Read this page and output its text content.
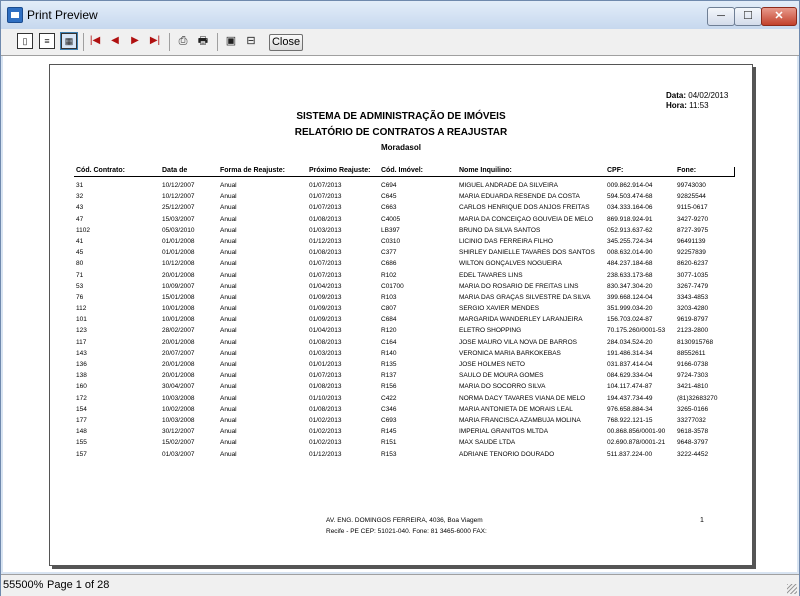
Print Preview	─	☐	✕
▯	≡	▦	|◀	◀	▶	▶|	⎙ 🖶 ▣ ⊟	Close
Data: 04/02/2013
Hora: 11:53
SISTEMA DE ADMINISTRAÇÃO DE IMÓVEIS
RELATÓRIO DE CONTRATOS A REAJUSTAR
Moradasol
Cód. Contrato:	Data de	Forma de Reajuste:	Próximo Reajuste: Cód. Imóvel:	Nome Inquilino:	CPF:	Fone:
31	10/12/2007	Anual	01/07/2013	C694	MIGUEL ANDRADE DA SILVEIRA	009.862.914-04	99743030
32	10/12/2007	Anual	01/07/2013	C645	MARIA EDUARDA RESENDE DA COSTA	594.503.474-68	92825544
43	25/12/2007	Anual	01/07/2013	C663	CARLOS HENRIQUE DOS ANJOS FREITAS	034.333.164-06	9115-0617
47	15/03/2007	Anual	01/08/2013	C4005	MARIA DA CONCEIÇAO GOUVEIA DE MELO 869.918.924-91	3427-9270
1102	05/03/2010	Anual	01/03/2013	LB397	BRUNO DA SILVA SANTOS	052.913.637-62	8727-3975
41	01/01/2008	Anual	01/12/2013	C0310	LICINIO DAS FERREIRA FILHO	345.255.724-34	96491139
45	01/01/2008	Anual	01/08/2013	C377	SHIRLEY DANIELLE TAVARES DOS SANTOS 008.632.014-90	92257839
80	10/12/2008	Anual	01/07/2013	C686	WILTON GONÇALVES NOGUEIRA	484.237.184-68	8620-6237
71	20/01/2008	Anual	01/07/2013	R102	EDEL TAVARES LINS	238.633.173-68	3077-1035
53	10/09/2007	Anual	01/04/2013	C01700	MARIA DO ROSARIO DE FREITAS LINS	830.347.304-20	3267-7479
76	15/01/2008	Anual	01/09/2013	R103	MARIA DAS GRAÇAS SILVESTRE DA SILVA	399.668.124-04	3343-4853
112	10/01/2008	Anual	01/09/2013	C807	SERGIO XAVIER MENDES	351.999.034-20	3203-4280
101	10/01/2008	Anual	01/09/2013	C684	MARGARIDA WANDERLEY LARANJEIRA	156.703.024-87	9619-8797
123	28/02/2007	Anual	01/04/2013	R120	ELETRO SHOPPING	70.175.260/0001-53 2123-2800
117	20/01/2008	Anual	01/08/2013	C164	JOSE MAURO VILA NOVA DE BARROS	284.034.524-20	8130915768
143	20/07/2007	Anual	01/03/2013	R140	VERONICA MARIA BARKOKEBAS	191.486.314-34	88552611
136	20/01/2008	Anual	01/01/2013	R135	JOSE HOLMES NETO	031.837.414-04	9166-0738
138	20/01/2008	Anual	01/07/2013	R137	SAULO DE MOURA GOMES	084.629.334-04	9724-7303
160	30/04/2007	Anual	01/08/2013	R156	MARIA DO SOCORRO SILVA	104.117.474-87	3421-4810
172	10/03/2008	Anual	01/10/2013	C422	NORMA DACY TAVARES VIANA DE MELO	194.437.734-49	(81)32683270
154	10/02/2008	Anual	01/08/2013	C346	MARIA ANTONIETA DE MORAIS LEAL	976.658.884-34	3265-0166
177	10/03/2008	Anual	01/02/2013	C693	MARIA FRANCISCA AZAMBUJA MOLINA	768.922.121-15	33277032
148	30/12/2007	Anual	01/02/2013	R145	IMPERIAL GRANITOS MLTDA	00.868.856/0001-90 9618-3578
155	15/02/2007	Anual	01/02/2013	R151	MAX SAUDE LTDA	02.690.878/0001-21 9648-3797
157	01/03/2007	Anual	01/12/2013	R153	ADRIANE TENORIO DOURADO	511.837.224-00	3222-4452
AV. ENG. DOMINGOS FERREIRA, 4036, Boa Viagem
Recife - PE CEP: 51021-040. Fone: 81 3465-6000 FAX:
1
55500% Page 1 of 28
